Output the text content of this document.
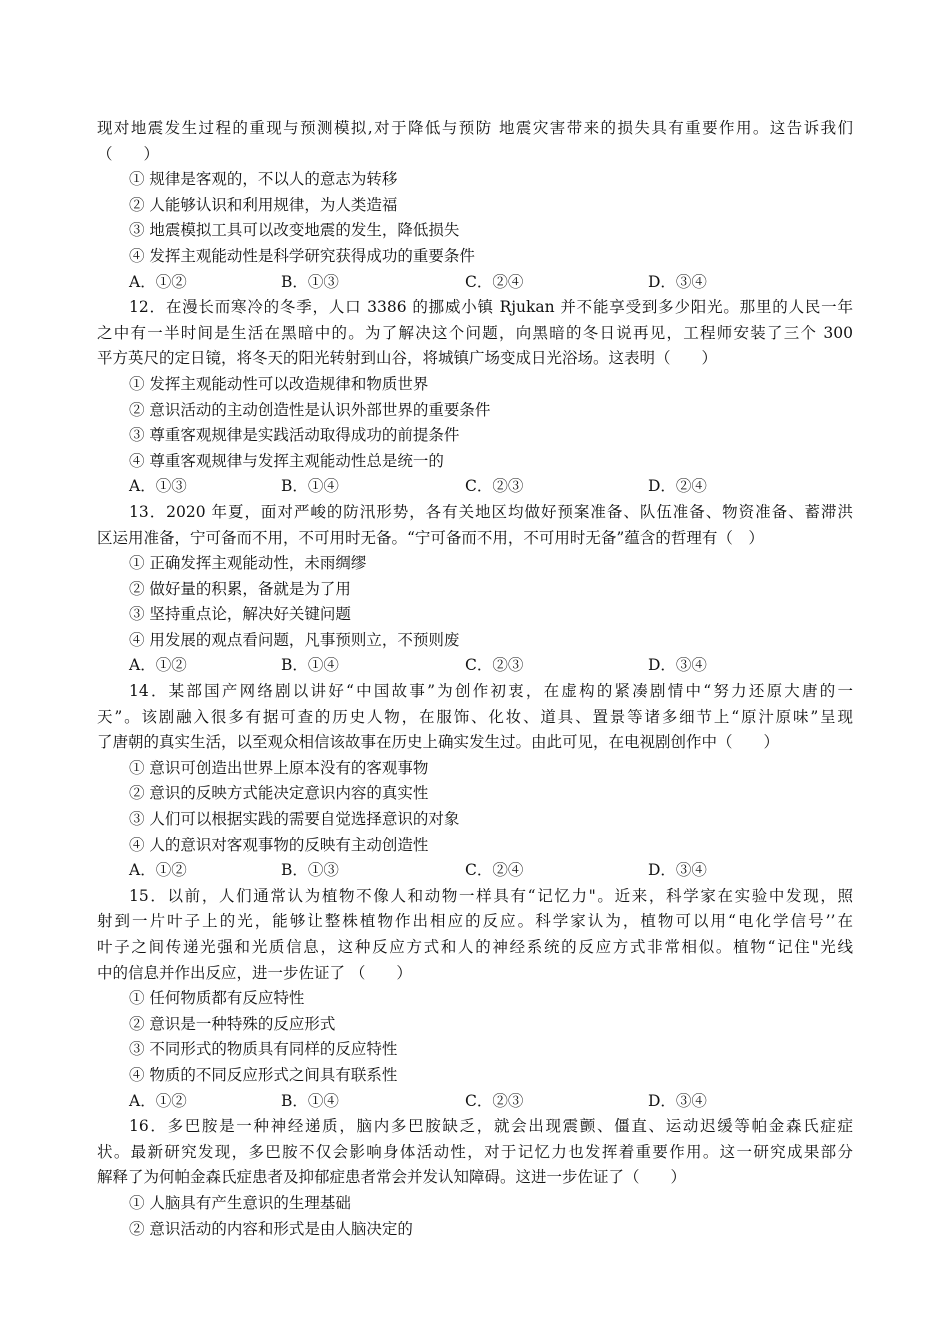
现对地震发生过程的重现与预测模拟,对于降低与预防 地震灾害带来的损失具有重要作用。这告诉我们
（　　）
① 规律是客观的，不以人的意志为转移
② 人能够认识和利用规律，为人类造福
③ 地震模拟工具可以改变地震的发生，降低损失
④ 发挥主观能动性是科学研究获得成功的重要条件
A．①②	B．①③	C．②④	D．③④
12．在漫长而寒冷的冬季，人口 3386 的挪威小镇 Rjukan 并不能享受到多少阳光。那里的人民一年
之中有一半时间是生活在黑暗中的。为了解决这个问题，向黑暗的冬日说再见，工程师安装了三个 300
平方英尺的定日镜，将冬天的阳光转射到山谷，将城镇广场变成日光浴场。这表明（　　）
① 发挥主观能动性可以改造规律和物质世界
② 意识活动的主动创造性是认识外部世界的重要条件
③ 尊重客观规律是实践活动取得成功的前提条件
④ 尊重客观规律与发挥主观能动性总是统一的
A．①③	B．①④	C．②③	D．②④
13．2020 年夏，面对严峻的防汛形势，各有关地区均做好预案准备、队伍准备、物资准备、蓄滞洪
区运用准备，宁可备而不用，不可用时无备。“宁可备而不用，不可用时无备”蕴含的哲理有（　）
① 正确发挥主观能动性，未雨绸缪
② 做好量的积累，备就是为了用
③ 坚持重点论，解决好关键问题
④ 用发展的观点看问题，凡事预则立，不预则废
A．①②	B．①④	C．②③	D．③④
14．某部国产网络剧以讲好“中国故事”为创作初衷，在虚构的紧凑剧情中“努力还原大唐的一
天”。该剧融入很多有据可查的历史人物，在服饰、化妆、道具、置景等诸多细节上“原汁原味”呈现
了唐朝的真实生活，以至观众相信该故事在历史上确实发生过。由此可见，在电视剧创作中（　　）
① 意识可创造出世界上原本没有的客观事物
② 意识的反映方式能决定意识内容的真实性
③ 人们可以根据实践的需要自觉选择意识的对象
④ 人的意识对客观事物的反映有主动创造性
A．①②	B．①③	C．②④	D．③④
15．以前，人们通常认为植物不像人和动物一样具有“记忆力"。近来，科学家在实验中发现，照
射到一片叶子上的光，能够让整株植物作出相应的反应。科学家认为，植物可以用“电化学信号’’在
叶子之间传递光强和光质信息，这种反应方式和人的神经系统的反应方式非常相似。植物“记住"光线
中的信息并作出反应，进一步佐证了 （　　）
① 任何物质都有反应特性
② 意识是一种特殊的反应形式
③ 不同形式的物质具有同样的反应特性
④ 物质的不同反应形式之间具有联系性
A．①②	B．①④	C．②③	D．③④
16．多巴胺是一种神经递质，脑内多巴胺缺乏，就会出现震颤、僵直、运动迟缓等帕金森氏症症
状。最新研究发现，多巴胺不仅会影响身体活动性，对于记忆力也发挥着重要作用。这一研究成果部分
解释了为何帕金森氏症患者及抑郁症患者常会并发认知障碍。这进一步佐证了（　　）
① 人脑具有产生意识的生理基础
② 意识活动的内容和形式是由人脑决定的
